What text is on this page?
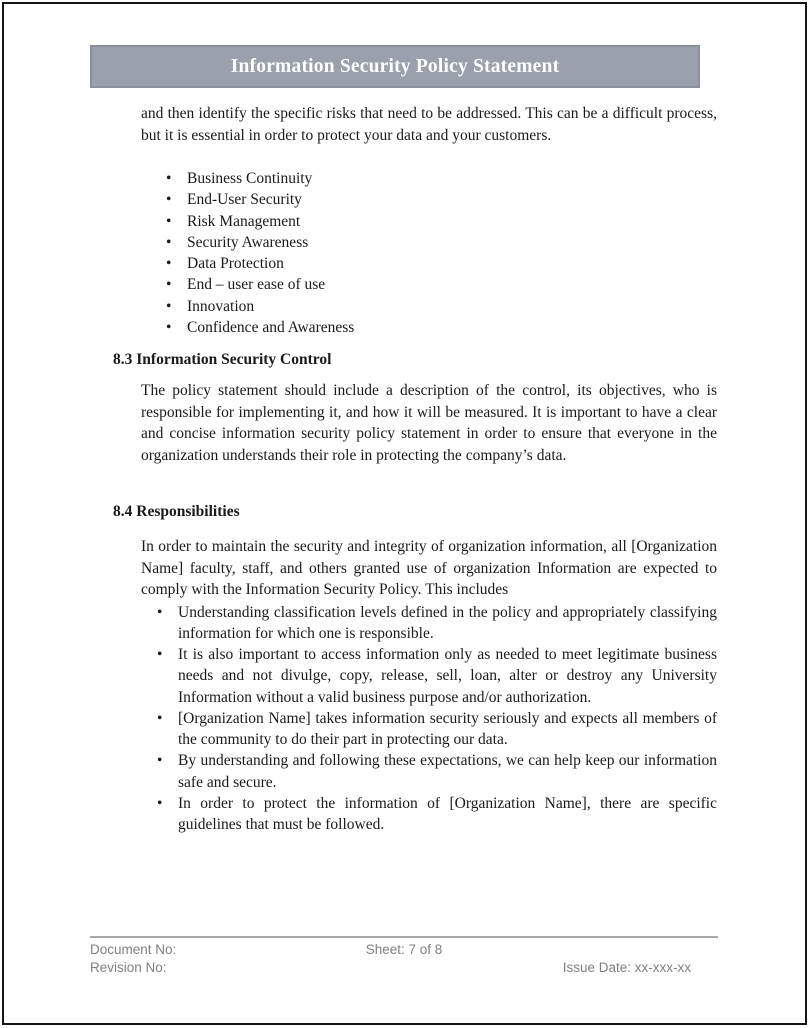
Information Security Policy Statement

and then identify the specific risks that need to be addressed. This can be a difficult process, but it is essential in order to protect your data and your customers.

• Business Continuity
• End-User Security
• Risk Management
• Security Awareness
• Data Protection
• End – user ease of use
• Innovation
• Confidence and Awareness
8.3 Information Security Control

The policy statement should include a description of the control, its objectives, who is responsible for implementing it, and how it will be measured. It is important to have a clear and concise information security policy statement in order to ensure that everyone in the organization understands their role in protecting the company’s data.

8.4 Responsibilities

In order to maintain the security and integrity of organization information, all [Organization Name] faculty, staff, and others granted use of organization Information are expected to comply with the Information Security Policy. This includes

• Understanding classification levels defined in the policy and appropriately classifying information for which one is responsible.
• It is also important to access information only as needed to meet legitimate business needs and not divulge, copy, release, sell, loan, alter or destroy any University Information without a valid business purpose and/or authorization.
• [Organization Name] takes information security seriously and expects all members of the community to do their part in protecting our data.
• By understanding and following these expectations, we can help keep our information safe and secure.
• In order to protect the information of [Organization Name], there are specific guidelines that must be followed.
Document No:	Sheet: 7 of 8
Revision No:	Issue Date: xx-xxx-xx
